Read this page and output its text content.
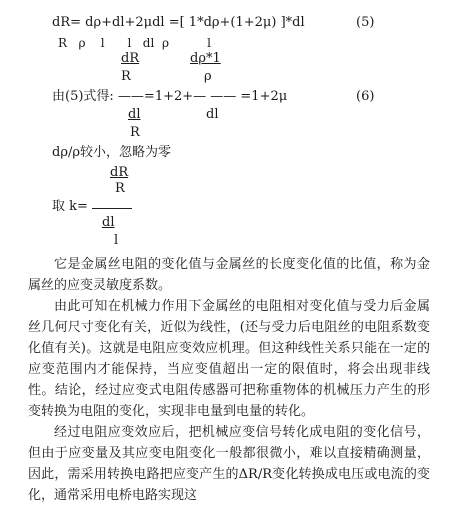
dR= dρ+dl+2μdl =[ 1*dρ+(1+2μ) ]*dl
R   ρ    l      l   dl  ρ          l
(5)
dR
R
dρ*1
ρ
由(5)式得: ——=1+2+— —— =1+2μ	(6)
dl	dl
R
dρ/ρ较小，忽略为零
dR
R
取 k=
dl
l

它是金属丝电阻的变化值与金属丝的长度变化值的比值，称为金属丝的应变灵敏度系数。

由此可知在机械力作用下金属丝的电阻相对变化值与受力后金属丝几何尺寸变化有关，近似为线性，(还与受力后电阻丝的电阻系数变化值有关)。这就是电阻应变效应机理。但这种线性关系只能在一定的应变范围内才能保持，当应变值超出一定的限值时，将会出现非线性。结论，经过应变式电阻传感器可把称重物体的机械压力产生的形变转换为电阻的变化，实现非电量到电量的转化。

经过电阻应变效应后，把机械应变信号转化成电阻的变化信号，但由于应变量及其应变电阻变化一般都很微小，难以直接精确测量，因此，需采用转换电路把应变产生的ΔR/R变化转换成电压或电流的变化，通常采用电桥电路实现这
